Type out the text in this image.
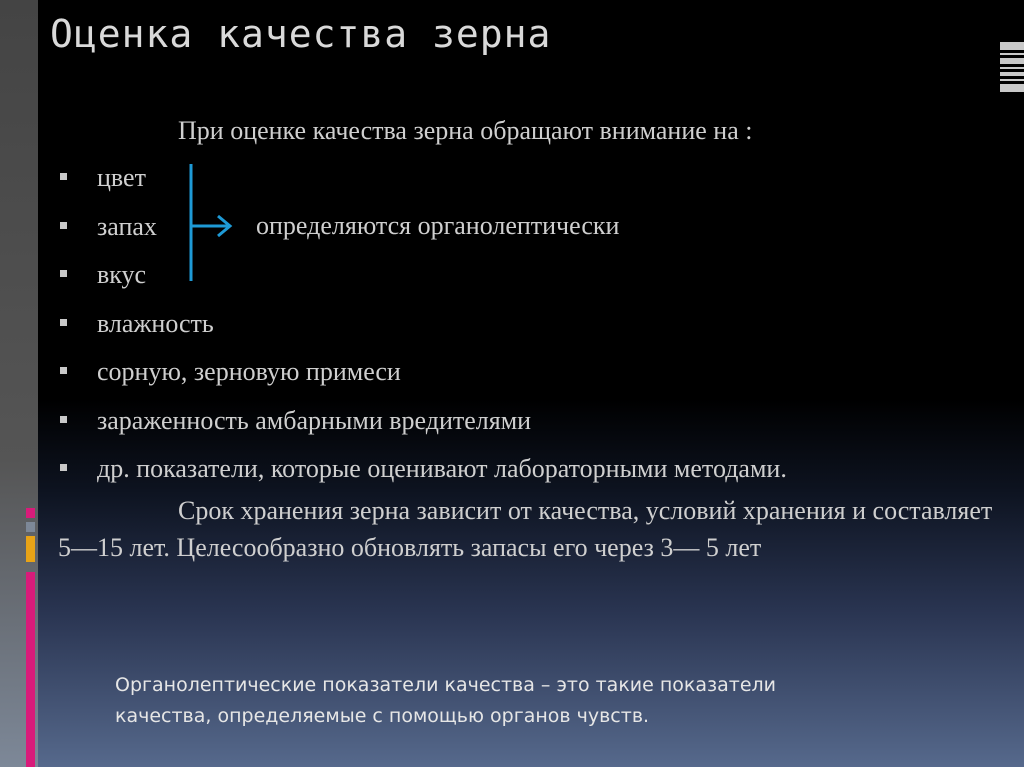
Оценка качества зерна

При оценке качества зерна обращают внимание на :

цвет
запах
вкус
влажность
сорную, зерновую примеси
зараженность амбарными вредителями
др. показатели, которые оценивают лабораторными методами.
определяются органолептически

Срок хранения зерна зависит от качества, условий хранения и составляет 5—15 лет. Целесообразно обновлять запасы его через 3— 5 лет

Органолептические показатели качества – это такие показатели качества, определяемые с помощью органов чувств.
